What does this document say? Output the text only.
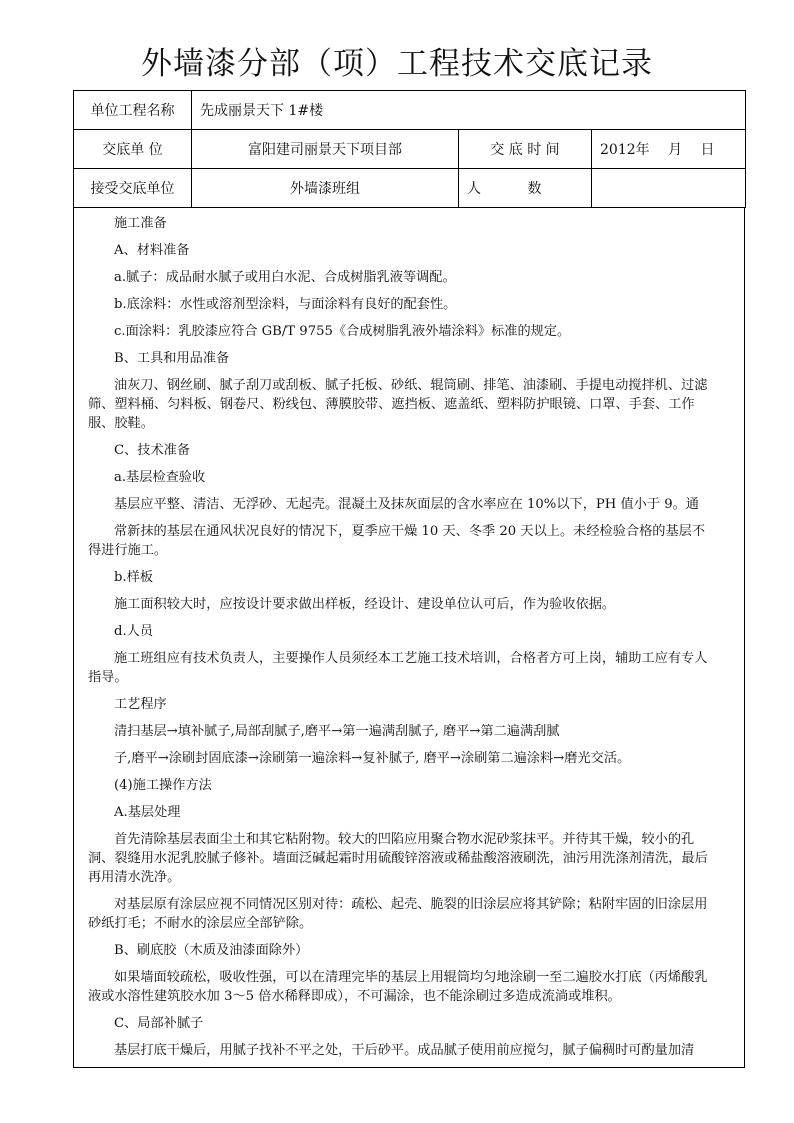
外墙漆分部（项）工程技术交底记录
单位工程名称	先成丽景天下 1#楼		
交底单 位	富阳建司丽景天下项目部	交 底 时 间	2012年　 月　 日
接受交底单位	外墙漆班组	人　　　 数	

施工准备

A、材料准备

a.腻子：成品耐水腻子或用白水泥、合成树脂乳液等调配。

b.底涂料：水性或溶剂型涂料，与面涂料有良好的配套性。

c.面涂料：乳胶漆应符合 GB/T 9755《合成树脂乳液外墙涂料》标准的规定。

B、工具和用品准备

油灰刀、钢丝刷、腻子刮刀或刮板、腻子托板、砂纸、辊筒刷、排笔、油漆刷、手提电动搅拌机、过滤筛、塑料桶、匀料板、钢卷尺、粉线包、薄膜胶带、遮挡板、遮盖纸、塑料防护眼镜、口罩、手套、工作服、胶鞋。

C、技术准备

a.基层检查验收

基层应平整、清洁、无浮砂、无起壳。混凝土及抹灰面层的含水率应在 10%以下，PH 值小于 9。通

常新抹的基层在通风状况良好的情况下，夏季应干燥 10 天、冬季 20 天以上。未经检验合格的基层不得进行施工。

b.样板

施工面积较大时，应按设计要求做出样板，经设计、建设单位认可后，作为验收依据。

d.人员

施工班组应有技术负责人，主要操作人员须经本工艺施工技术培训，合格者方可上岗，辅助工应有专人指导。

工艺程序

清扫基层→填补腻子,局部刮腻子,磨平→第一遍满刮腻子, 磨平→第二遍满刮腻

子,磨平→涂刷封固底漆→涂刷第一遍涂料→复补腻子, 磨平→涂刷第二遍涂料→磨光交活。

(4)施工操作方法

A.基层处理

首先清除基层表面尘土和其它粘附物。较大的凹陷应用聚合物水泥砂浆抹平。并待其干燥，较小的孔洞、裂缝用水泥乳胶腻子修补。墙面泛碱起霜时用硫酸锌溶液或稀盐酸溶液刷洗，油污用洗涤剂清洗，最后再用清水洗净。

对基层原有涂层应视不同情况区别对待：疏松、起壳、脆裂的旧涂层应将其铲除；粘附牢固的旧涂层用砂纸打毛；不耐水的涂层应全部铲除。

B、刷底胶（木质及油漆面除外）

如果墙面较疏松，吸收性强，可以在清理完毕的基层上用辊筒均匀地涂刷一至二遍胶水打底（丙烯酸乳液或水溶性建筑胶水加 3～5 倍水稀释即成），不可漏涂，也不能涂刷过多造成流淌或堆积。

C、局部补腻子

基层打底干燥后，用腻子找补不平之处，干后砂平。成品腻子使用前应搅匀，腻子偏稠时可酌量加清
